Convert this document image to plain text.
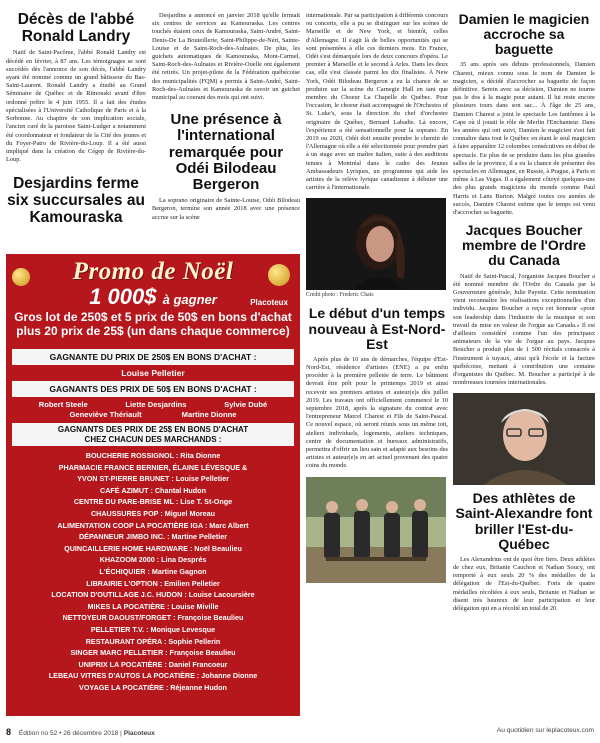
Décès de l'abbé Ronald Landry

Natif de Saint-Pacôme, l'abbé Ronald Landry est décédé en février, à 87 ans. Les témoignages se sont succédés dès l'annonce de son décès, l'abbé Landry ayant été nommé comme un grand bâtisseur du Bas-Saint-Laurent. Ronald Landry a étudié au Grand Séminaire de Québec et de Rimouski avant d'être ordonné prêtre le 4 juin 1955. Il a fait des études spécialisées à l'Université Catholique de Paris et à la Sorbonne. Au chapitre de son implication sociale, l'ancien curé de la paroisse Saint-Ludger a notamment été coordonnateur et fondateur de la Cité des jeunes et du Foyer-Patro de Rivière-du-Loup. Il a été aussi impliqué dans la création du Cégep de Rivière-du-Loup.

Desjardins ferme six succursales au Kamouraska

Desjardins a annoncé en janvier 2018 qu'elle fermait six centres de services au Kamouraska. Les centres touchés étaient ceux de Kamouraska, Saint-André, Saint-Denis-De La Bouteillerie, Saint-Philippe-de-Néri, Sainte-Louise et de Saint-Roch-des-Aulnaies. De plus, les guichets automatiques de Kamouraska, Mont-Carmel, Saint-Roch-des-Aulnaies et Rivière-Ouelle ont également été retirés. Un projet-pilote de la Fédération québécoise des municipalités (FQM) a permis à Saint-André, Saint-Roch-des-Aulnaies et Kamouraska de ravoir un guichet municipal au courant des mois qui ont suivi.

Une présence à l'international remarquée pour Odéi Bilodeau Bergeron

La soprano originaire de Sainte-Louise, Odéi Bilodeau Bergeron, termine son année 2018 avec une présence accrue sur la scène

Promo de Noël
1 000$ à gagner	Placoteux
Gros lot de 250$ et 5 prix de 50$ en bons d'achat
plus 20 prix de 25$ (un dans chaque commerce)
GAGNANTE DU PRIX DE 250$ EN BONS D'ACHAT :
Louise Pelletier
GAGNANTS DES PRIX DE 50$ EN BONS D'ACHAT :
Robert Steele	Liette Desjardins	Sylvie Dubé
Geneviève Thériault	Martine Dionne
GAGNANTS DES PRIX DE 25$ EN BONS D'ACHAT
CHEZ CHACUN DES MARCHANDS :
BOUCHERIE ROSSIGNOL : Rita Dionne
PHARMACIE FRANCE BERNIER, ÉLAINE LÉVESQUE &
YVON ST-PIERRE BRUNET : Louise Pelletier
CAFÉ AZIMUT : Chantal Hudon
CENTRE DU PARE-BRISE ML : Lise T. St-Onge
CHAUSSURES POP : Miguel Moreau
ALIMENTATION COOP LA POCATIÈRE IGA : Marc Albert
DÉPANNEUR JIMBO INC. : Martine Pelletier
QUINCAILLERIE HOME HARDWARE : Noël Beaulieu
KHAZOOM 2000 : Lina Després
L'ÉCHIQUIER : Martine Gagnon
LIBRAIRIE L'OPTION : Emilien Pelletier
LOCATION D'OUTILLAGE J.C. HUDON : Louise Lacoursière
MIKES LA POCATIÈRE : Louise Miville
NETTOYEUR DAOUST/FORGET : Françoise Beaulieu
PELLETIER T.V. : Monique Levesque
RESTAURANT OPÉRA : Sophie Pellerin
SINGER MARC PELLETIER : Françoise Beaulieu
UNIPRIX LA POCATIÈRE : Daniel Francoeur
LEBEAU VITRES D'AUTOS LA POCATIÈRE : Johanne Dionne
VOYAGE LA POCATIÈRE : Réjeanne Hudon

internationale. Par sa participation à différents concours ou concerts, elle a pu se distinguer sur les scènes de Marseille et de New York, et bientôt, celles d'Allemagne. Il s'agit là de belles opportunités qui se sont présentées à elle ces derniers mois. En France, Odéi s'est démarquée lors de deux concours d'opéra. Le premier à Marseille et le second à Arles. Dans les deux cas, elle s'est classée parmi les dix finalistes. À New York, Odéi Bilodeau Bergeron a eu la chance de se produire sur la scène du Carnegie Hall en tant que membre du Choeur La Chapelle de Québec. Pour l'occasion, le choeur était accompagné de l'Orchestra of St. Luke's, sous la direction du chef d'orchestre originaire de Québec, Bernard Labadie. Là encore, l'expérience a été sensationnelle pour la soprano. En 2019 ou 2020, Odéi doit ensuite prendre le chemin de l'Allemagne où elle a été sélectionnée pour prendre part à un stage avec un maître italien, suite à des auditions tenues à Montréal dans le cadre des Jeunes Ambassadeurs Lyriques, un programme qui aide les artistes de la relève lyrique canadienne à débuter une carrière à l'internationale.

Crédit photo : Frederic Chaïs
Le début d'un temps nouveau à Est-Nord-Est

Après plus de 10 ans de démarches, l'équipe d'Est-Nord-Est, résidence d'artistes (ENE) a pu enfin procéder à la première pelletée de terre. Le bâtiment devrait être prêt pour le printemps 2019 et ainsi recevoir ses premiers artistes et auteur(e)s dès juillet 2019. Les travaux ont officiellement commencé le 10 septembre 2018, après la signature du contrat avec l'entrepreneur Marcel Charest et Fils de Saint-Pascal. Ce nouvel espace, où seront réunis sous un même toit, ateliers individuels, logements, ateliers techniques, centre de documentation et bureaux administratifs, permettra d'offrir un lieu sain et adapté aux besoins des artistes et auteur(e)s en art actuel provenant des quatre coins du monde.

Damien le magicien accroche sa baguette

35 ans après ses débuts professionnels, Damien Charest, mieux connu sous le nom de Damien le magicien, a décidé d'accrocher sa baguette de façon définitive. Serein avec sa décision, Damien ne tourne pas le dos à la magie pour autant. Il lui reste encore plusieurs tours dans son sac... À l'âge de 25 ans, Damien Charest a joint le spectacle Les fantômes à la Cape où il jouait le rôle de Merlin l'Enchanteur. Dans les années qui ont suivi, Damien le magicien s'est fait connaître dans tout le Québec en étant le seul magicien à faire apparaître 12 colombes consécutives en début de spectacle. En plus de se produire dans les plus grandes salles de la province, il a eu la chance de présenter des spectacles en Allemagne, en Russie, à Prague, à Paris et même à Las Vegas. Il a également côtoyé quelques-uns des plus grands magiciens du monde comme Paul Harris et Lans Burton. Malgré toutes ces années de succès, Damien Charest estime que le temps est venu d'accrocher sa baguette.

Jacques Boucher membre de l'Ordre du Canada

Natif de Saint-Pascal, l'organiste Jacques Boucher a été nommé membre de l'Ordre du Canada par la Gouverneure générale, Julie Payette. Cette nomination vient reconnaître les réalisations exceptionnelles d'un individu. Jacques Boucher a reçu cet honneur «pour son leadership dans l'industrie de la musique et son travail de mise en valeur de l'orgue au Canada.» Il est d'ailleurs considéré comme l'un des principaux animateurs de la vie de l'orgue au pays. Jacques Boucher a produit plus de 1 500 récitals consacrés à l'instrument à tuyaux, ainsi qu'à l'école et la facture québécoise, mettant à contribution une centaine d'organistes du Québec. M. Boucher a participé à de nombreuses tournées internationales.

Des athlètes de Saint-Alexandre font briller l'Est-du-Québec

Les Alexandrins ont de quoi être fiers. Deux athlètes de chez eux, Britanie Cauchon et Nathan Soucy, ont remporté à eux seuls 20 % des médailles de la délégation de l'Est-du-Québec. Forts de quatre médailles récoltées à eux seuls, Britanie et Nathan se disent très heureux de leur participation et leur délégation qui en a récolté un total de 20.

8 Édition no 52 • 26 décembre 2018 | Placoteux	Au quotidien sur leplacoteux.com
